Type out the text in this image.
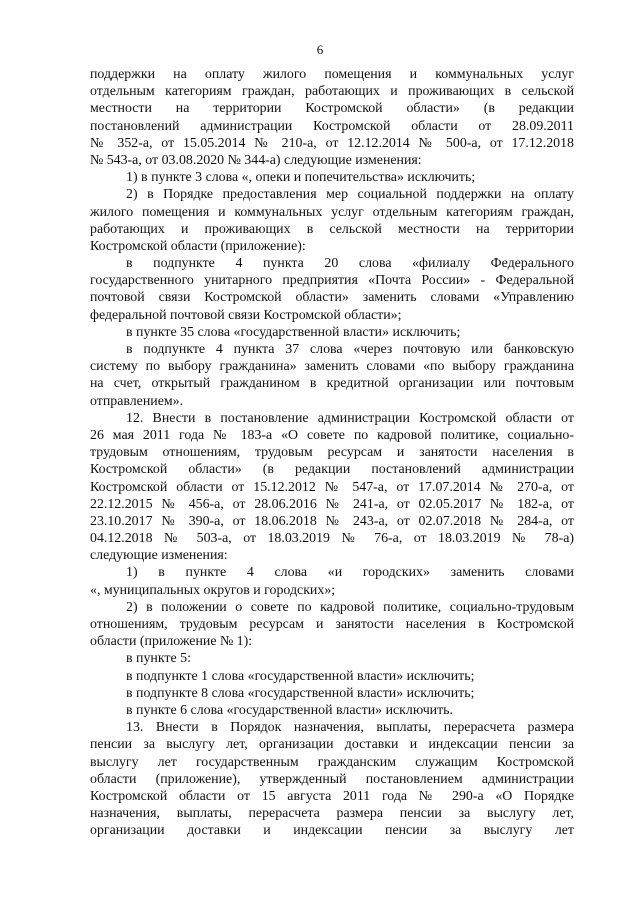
6
поддержки на оплату жилого помещения и коммунальных услуг
отдельным категориям граждан, работающих и проживающих в сельской
местности на территории Костромской области» (в редакции
постановлений администрации Костромской области от 28.09.2011
№ 352-а, от 15.05.2014 № 210-а, от 12.12.2014 № 500-а, от 17.12.2018
№ 543-а, от 03.08.2020 № 344-а) следующие изменения:
1) в пункте 3 слова «, опеки и попечительства» исключить;
2) в Порядке предоставления мер социальной поддержки на оплату
жилого помещения и коммунальных услуг отдельным категориям граждан,
работающих и проживающих в сельской местности на территории
Костромской области (приложение):
в подпункте 4 пункта 20 слова «филиалу Федерального
государственного унитарного предприятия «Почта России» - Федеральной
почтовой связи Костромской области» заменить словами «Управлению
федеральной почтовой связи Костромской области»;
в пункте 35 слова «государственной власти» исключить;
в подпункте 4 пункта 37 слова «через почтовую или банковскую
систему по выбору гражданина» заменить словами «по выбору гражданина
на счет, открытый гражданином в кредитной организации или почтовым
отправлением».
12. Внести в постановление администрации Костромской области от
26 мая 2011 года № 183-а «О совете по кадровой политике, социально-
трудовым отношениям, трудовым ресурсам и занятости населения в
Костромской области» (в редакции постановлений администрации
Костромской области от 15.12.2012 № 547-а, от 17.07.2014 № 270-а, от
22.12.2015 № 456-а, от 28.06.2016 № 241-а, от 02.05.2017 № 182-а, от
23.10.2017 № 390-а, от 18.06.2018 № 243-а, от 02.07.2018 № 284-а, от
04.12.2018 № 503-а, от 18.03.2019 № 76-а, от 18.03.2019 № 78-а)
следующие изменения:
1) в пункте 4 слова «и городских» заменить словами
«, муниципальных округов и городских»;
2) в положении о совете по кадровой политике, социально-трудовым
отношениям, трудовым ресурсам и занятости населения в Костромской
области (приложение № 1):
в пункте 5:
в подпункте 1 слова «государственной власти» исключить;
в подпункте 8 слова «государственной власти» исключить;
в пункте 6 слова «государственной власти» исключить.
13. Внести в Порядок назначения, выплаты, перерасчета размера
пенсии за выслугу лет, организации доставки и индексации пенсии за
выслугу лет государственным гражданским служащим Костромской
области (приложение), утвержденный постановлением администрации
Костромской области от 15 августа 2011 года № 290-а «О Порядке
назначения, выплаты, перерасчета размера пенсии за выслугу лет,
организации доставки и индексации пенсии за выслугу лет
